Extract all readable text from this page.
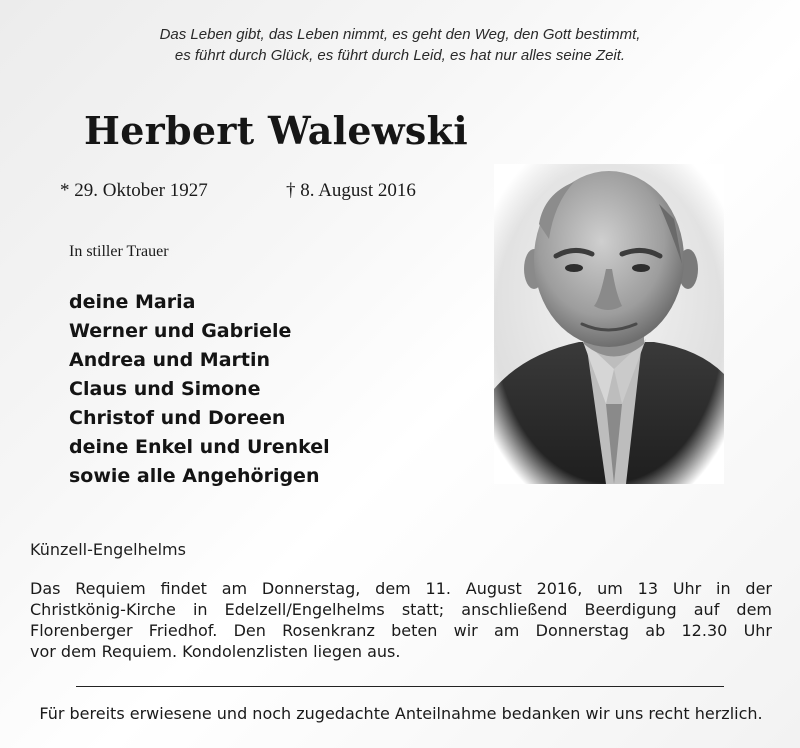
Das Leben gibt, das Leben nimmt, es geht den Weg, den Gott bestimmt,
es führt durch Glück, es führt durch Leid, es hat nur alles seine Zeit.
Herbert Walewski
* 29. Oktober 1927	† 8. August 2016
In stiller Trauer
deine Maria
Werner und Gabriele
Andrea und Martin
Claus und Simone
Christof und Doreen
deine Enkel und Urenkel
sowie alle Angehörigen
Künzell-Engelhelms
Das Requiem findet am Donnerstag, dem 11. August 2016, um 13 Uhr in der
Christkönig-Kirche in Edelzell/Engelhelms statt; anschließend Beerdigung auf dem
Florenberger Friedhof. Den Rosenkranz beten wir am Donnerstag ab 12.30 Uhr
vor dem Requiem. Kondolenzlisten liegen aus.
Für bereits erwiesene und noch zugedachte Anteilnahme bedanken wir uns recht herzlich.
